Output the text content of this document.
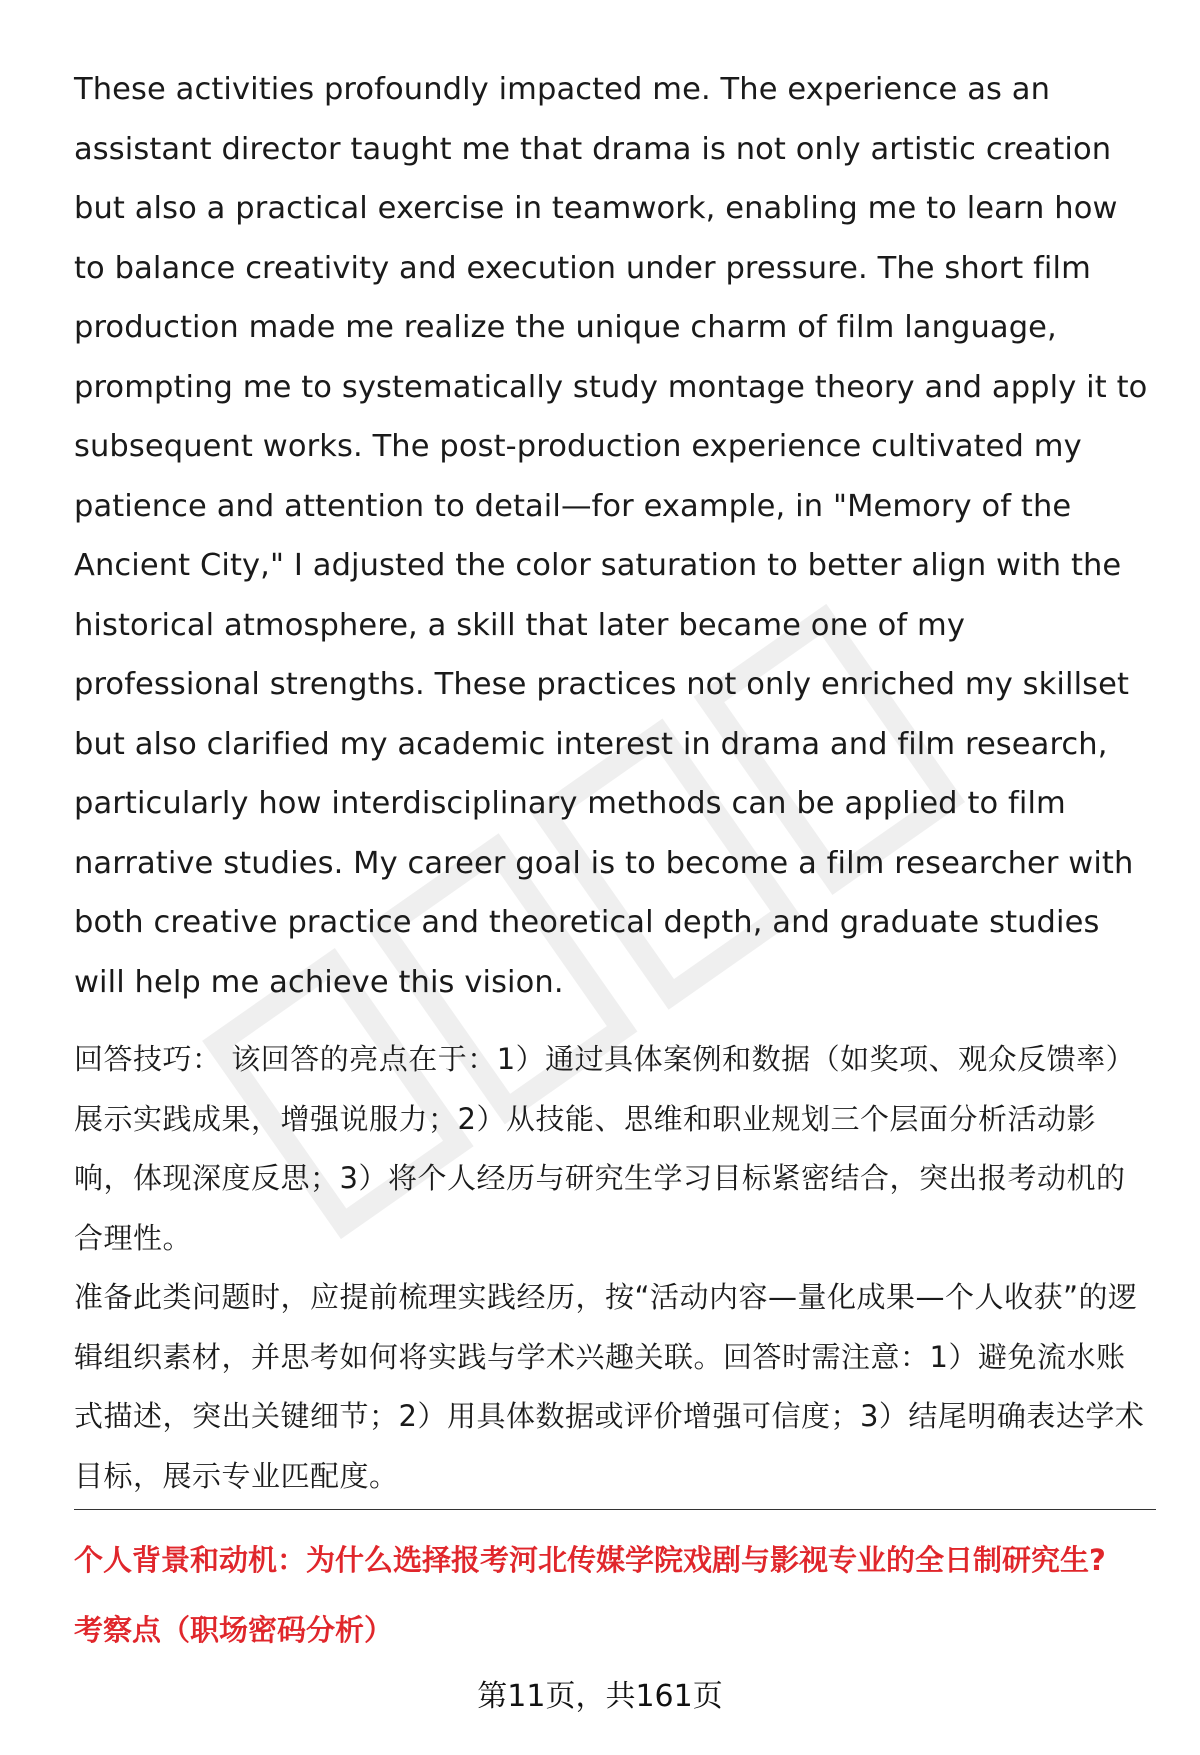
These activities profoundly impacted me. The experience as an assistant director taught me that drama is not only artistic creation but also a practical exercise in teamwork, enabling me to learn how to balance creativity and execution under pressure. The short film production made me realize the unique charm of film language, prompting me to systematically study montage theory and apply it to subsequent works. The post-production experience cultivated my patience and attention to detail—for example, in "Memory of the Ancient City," I adjusted the color saturation to better align with the historical atmosphere, a skill that later became one of my professional strengths. These practices not only enriched my skillset but also clarified my academic interest in drama and film research, particularly how interdisciplinary methods can be applied to film narrative studies. My career goal is to become a film researcher with both creative practice and theoretical depth, and graduate studies will help me achieve this vision.

回答技巧： 该回答的亮点在于：1）通过具体案例和数据（如奖项、观众反馈率）展示实践成果，增强说服力；2）从技能、思维和职业规划三个层面分析活动影响，体现深度反思；3）将个人经历与研究生学习目标紧密结合，突出报考动机的合理性。

准备此类问题时，应提前梳理实践经历，按“活动内容—量化成果—个人收获”的逻辑组织素材，并思考如何将实践与学术兴趣关联。回答时需注意：1）避免流水账式描述，突出关键细节；2）用具体数据或评价增强可信度；3）结尾明确表达学术目标，展示专业匹配度。

个人背景和动机：为什么选择报考河北传媒学院戏剧与影视专业的全日制研究生?

考察点（职场密码分析）

第11页，共161页
